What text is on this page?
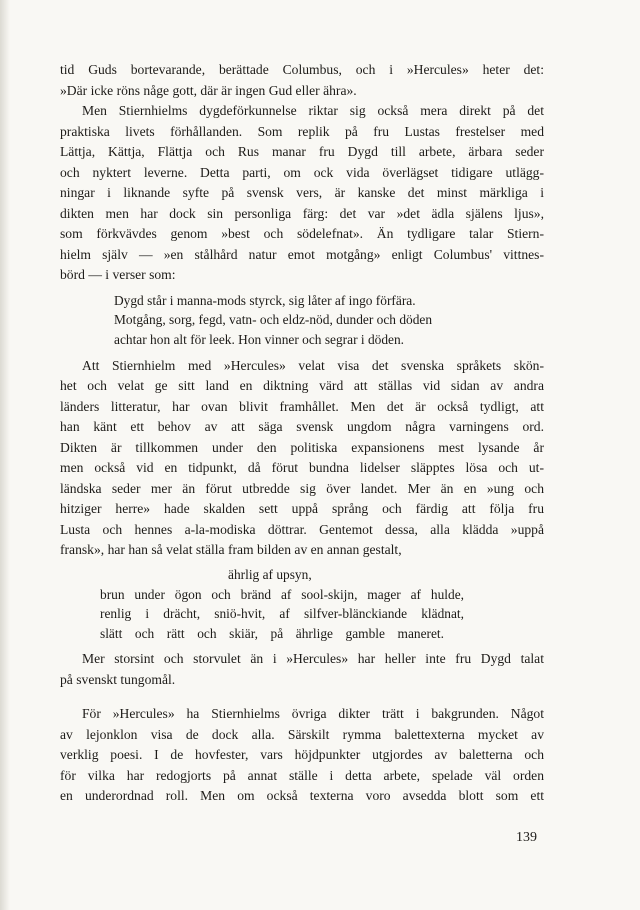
tid Guds bortevarande, berättade Columbus, och i »Hercules» heter det:
»Där icke röns någe gott, där är ingen Gud eller ähra».
Men Stiernhielms dygdeförkunnelse riktar sig också mera direkt på det
praktiska livets förhållanden. Som replik på fru Lustas frestelser med
Lättja, Kättja, Flättja och Rus manar fru Dygd till arbete, ärbara seder
och nyktert leverne. Detta parti, om ock vida överlägset tidigare utlägg-
ningar i liknande syfte på svensk vers, är kanske det minst märkliga i
dikten men har dock sin personliga färg: det var »det ädla själens ljus»,
som förkvävdes genom »best och södelefnat». Än tydligare talar Stiern-
hielm själv — »en stålhård natur emot motgång» enligt Columbus' vittnes-
börd — i verser som:
Dygd står i manna-mods styrck, sig låter af ingo förfära.
Motgång, sorg, fegd, vatn- och eldz-nöd, dunder och döden
achtar hon alt för leek. Hon vinner och segrar i döden.
Att Stiernhielm med »Hercules» velat visa det svenska språkets skön-
het och velat ge sitt land en diktning värd att ställas vid sidan av andra
länders litteratur, har ovan blivit framhållet. Men det är också tydligt, att
han känt ett behov av att säga svensk ungdom några varningens ord.
Dikten är tillkommen under den politiska expansionens mest lysande år
men också vid en tidpunkt, då förut bundna lidelser släpptes lösa och ut-
ländska seder mer än förut utbredde sig över landet. Mer än en »ung och
hitziger herre» hade skalden sett uppå språng och färdig att följa fru
Lusta och hennes a-la-modiska döttrar. Gentemot dessa, alla klädda »uppå
fransk», har han så velat ställa fram bilden av en annan gestalt,
ährlig af upsyn,
brun under ögon och bränd af sool-skijn, mager af hulde,
renlig i drächt, sniö-hvit, af silfver-blänckiande klädnat,
slätt och rätt och skiär, på ährlige gamble maneret.
Mer storsint och storvulet än i »Hercules» har heller inte fru Dygd talat
på svenskt tungomål.
För »Hercules» ha Stiernhielms övriga dikter trätt i bakgrunden. Något
av lejonklon visa de dock alla. Särskilt rymma balettexterna mycket av
verklig poesi. I de hovfester, vars höjdpunkter utgjordes av baletterna och
för vilka har redogjorts på annat ställe i detta arbete, spelade väl orden
en underordnad roll. Men om också texterna voro avsedda blott som ett
139
